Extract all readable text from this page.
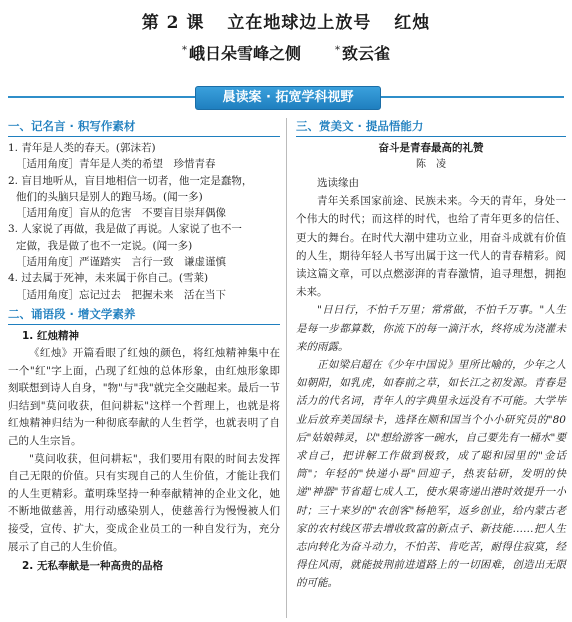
第 2 课 立在地球边上放号 红烛
* 峨日朵雪峰之侧	* 致云雀
晨读案 · 拓宽学科视野
一、记名言 · 积写作素材

1. 青年是人类的春天。(郭沫若)

［适用角度］青年是人类的希望　珍惜青春

2. 盲目地听从，盲目地相信一切者，他一定是蠢物，

他们的头脑只是别人的跑马场。(闻一多)

［适用角度］盲从的危害　不要盲目崇拜偶像

3. 人家说了再做，我是做了再说。人家说了也不一

定做，我是做了也不一定说。(闻一多)

［适用角度］严谨踏实　言行一致　谦虚谨慎

4. 过去属于死神，未来属于你自己。(雪莱)

［适用角度］忘记过去　把握未来　活在当下

二、诵语段 · 增文学素养
1. 红烛精神

《红烛》开篇看眼了红烛的颜色，将红烛精神集中在一个"红"字上面，凸现了红烛的总体形象，由红烛形象即刻联想到诗人自身，"物"与"我"就完全交融起来。最后一节归结到"莫问收获，但问耕耘"这样一个哲理上，也就是将红烛精神归结为一种彻底奉献的人生哲学，也就表明了自己的人生宗旨。

"莫问收获，但问耕耘"，我们要用有限的时间去发挥自己无限的价值。只有实现自己的人生价值，才能让我们的人生更精彩。董明珠坚持一种奉献精神的企业文化，她不断地做慈善，用行动感染别人，使慈善行为慢慢被人们接受，宣传、扩大，变成企业员工的一种自发行为，充分展示了自己的人生价值。

2. 无私奉献是一种高贵的品格
三、赏美文 · 提品悟能力
奋斗是青春最高的礼赞
陈　凌

选读缘由

青年关系国家前途、民族未来。今天的青年，身处一个伟大的时代；而这样的时代，也给了青年更多的信任、更大的舞台。在时代大潮中建功立业，用奋斗成就有价值的人生，期待年轻人书写出属于这一代人的青春精彩。阅读这篇文章，可以点燃澎湃的青春激情，追寻理想，拥抱未来。

"日日行，不怕千万里；常常做，不怕千万事。"人生是每一步都算数，你流下的每一滴汗水，终将成为浇灌未来的雨露。

正如梁启超在《少年中国说》里所比喻的，少年之人如朝阳，如乳虎，如春前之草，如长江之初发源。青春是活力的代名词，青年人的字典里永远没有不可能。大学毕业后放弃美国绿卡，选择在顺和国当个小小研究员的"80后"姑娘韩灵，以"想给游客一碗水，自己要先有一桶水"要求自己，把讲解工作做到极致，成了聪和园里的"金话筒"；年轻的"快递小哥"回迎子，热衷钻研，发明的快递"神器"节省超七成人工，使水果寄递出港时效提升一小时；三十来岁的"农创客"杨艳军，返乡创业，给内蒙古老家的农村线区带去增收致富的新点子、新技能……把人生志向转化为奋斗动力，不怕苦、肯吃苦，耐得住寂寞，经得住风雨，就能披荆前进道路上的一切困难，创造出无限的可能。
